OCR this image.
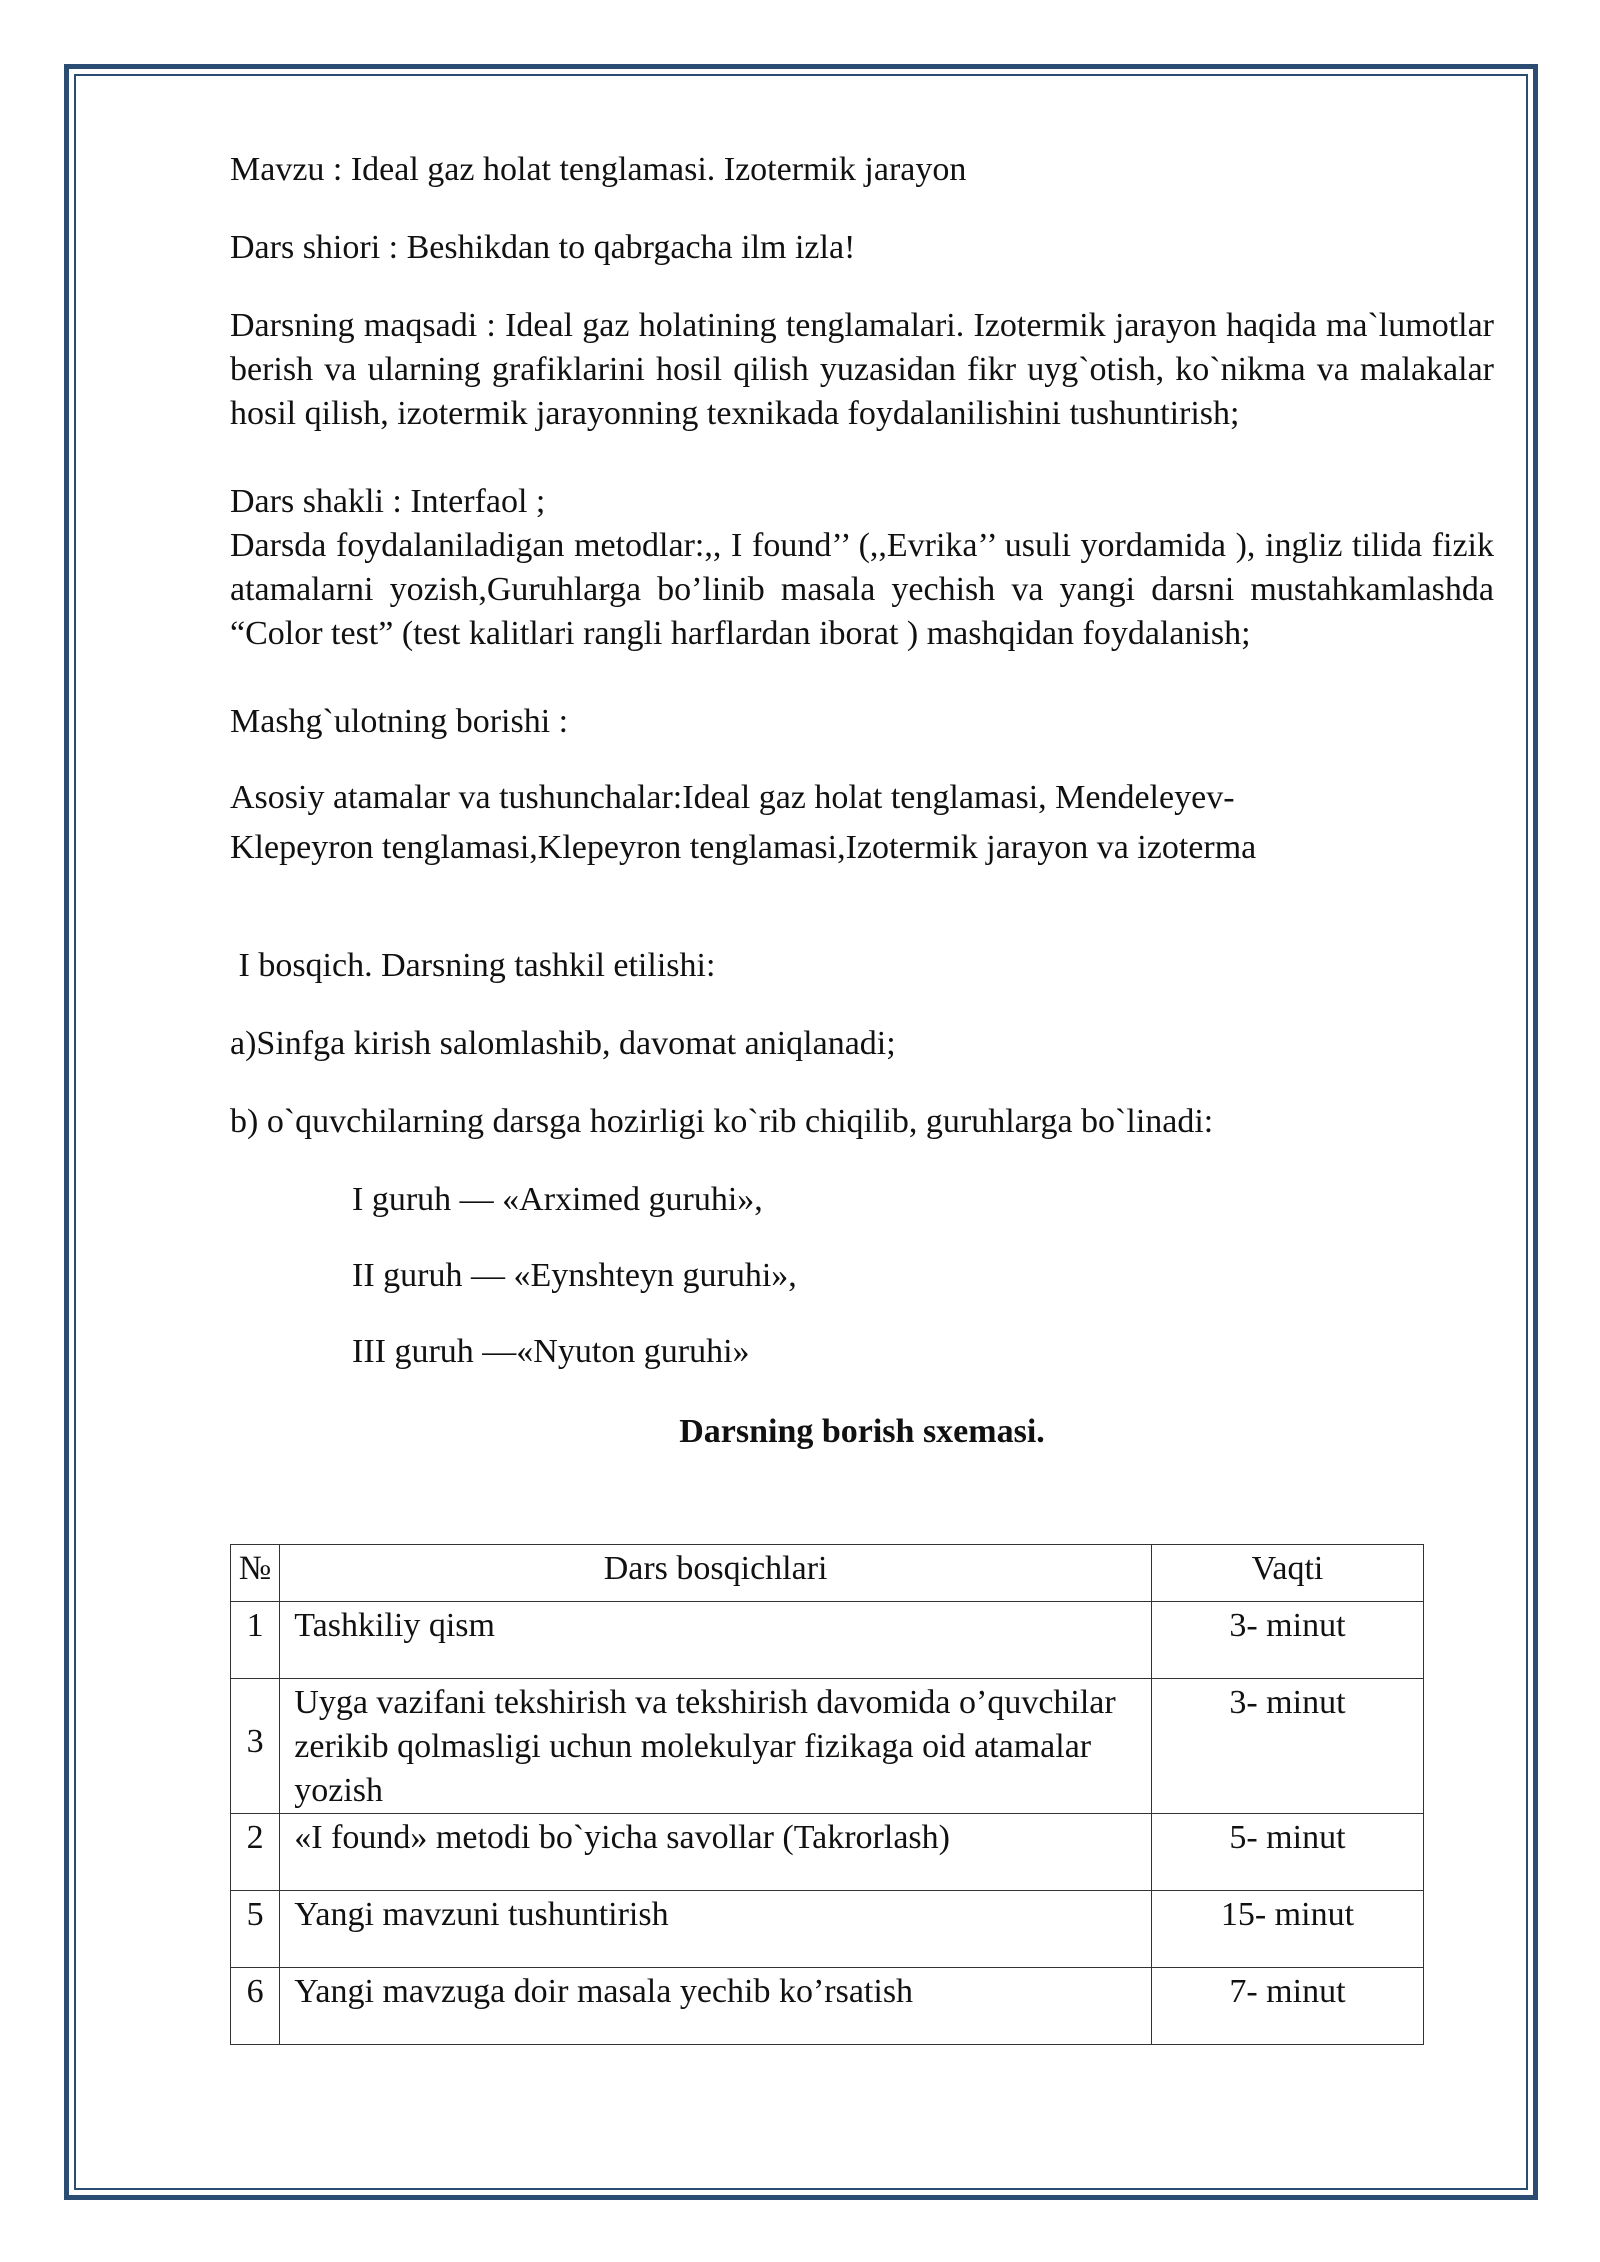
Mavzu : Ideal gaz holat tenglamasi. Izotermik jarayon

Dars shiori : Beshikdan to qabrgacha ilm izla!

Darsning maqsadi : Ideal gaz holatining tenglamalari. Izotermik jarayon haqida ma`lumotlar berish va ularning grafiklarini hosil qilish yuzasidan fikr uyg`otish, ko`nikma va malakalar hosil qilish, izotermik jarayonning texnikada foydalanilishini tushuntirish;

Dars shakli : Interfaol ;

Darsda foydalaniladigan metodlar:,, I found’’ (,,Evrika’’ usuli yordamida ), ingliz tilida fizik atamalarni yozish,Guruhlarga bo’linib masala yechish va yangi darsni mustahkamlashda “Color test” (test kalitlari rangli harflardan iborat ) mashqidan foydalanish;

Mashg`ulotning borishi :

Asosiy atamalar va tushunchalar:Ideal gaz holat tenglamasi, Mendeleyev-

Klepeyron tenglamasi,Klepeyron tenglamasi,Izotermik jarayon va izoterma

I bosqich. Darsning tashkil etilishi:

a)Sinfga kirish salomlashib, davomat aniqlanadi;

b) o`quvchilarning darsga hozirligi ko`rib chiqilib, guruhlarga bo`linadi:

I guruh — «Arximed guruhi»,

II guruh — «Eynshteyn guruhi»,

III guruh —«Nyuton guruhi»

Darsning borish sxemasi.

№	Dars bosqichlari	Vaqti
1	Tashkiliy qism	3- minut
3	Uyga vazifani tekshirish va tekshirish davomida o’quvchilar zerikib qolmasligi uchun molekulyar fizikaga oid atamalar yozish	3- minut
2	«I found» metodi bo`yicha savollar (Takrorlash)	5- minut
5	Yangi mavzuni tushuntirish	15- minut
6	Yangi mavzuga doir masala yechib ko’rsatish	7- minut
